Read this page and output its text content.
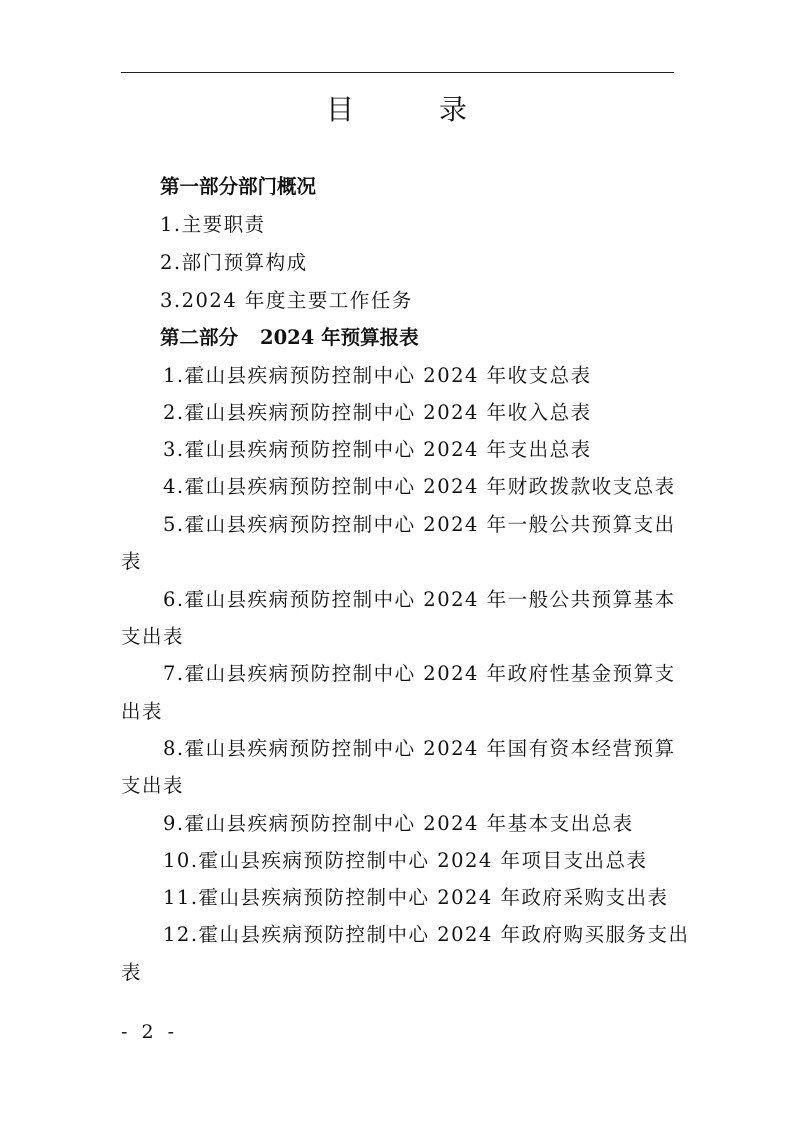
目 录
第一部分部门概况
1.主要职责
2.部门预算构成
3.2024 年度主要工作任务
第二部分 2024 年预算报表
1.霍山县疾病预防控制中心 2024 年收支总表
2.霍山县疾病预防控制中心 2024 年收入总表
3.霍山县疾病预防控制中心 2024 年支出总表
4.霍山县疾病预防控制中心 2024 年财政拨款收支总表
5.霍山县疾病预防控制中心 2024 年一般公共预算支出
表
6.霍山县疾病预防控制中心 2024 年一般公共预算基本
支出表
7.霍山县疾病预防控制中心 2024 年政府性基金预算支
出表
8.霍山县疾病预防控制中心 2024 年国有资本经营预算
支出表
9.霍山县疾病预防控制中心 2024 年基本支出总表
10.霍山县疾病预防控制中心 2024 年项目支出总表
11.霍山县疾病预防控制中心 2024 年政府采购支出表
12.霍山县疾病预防控制中心 2024 年政府购买服务支出
表
- 2 -
